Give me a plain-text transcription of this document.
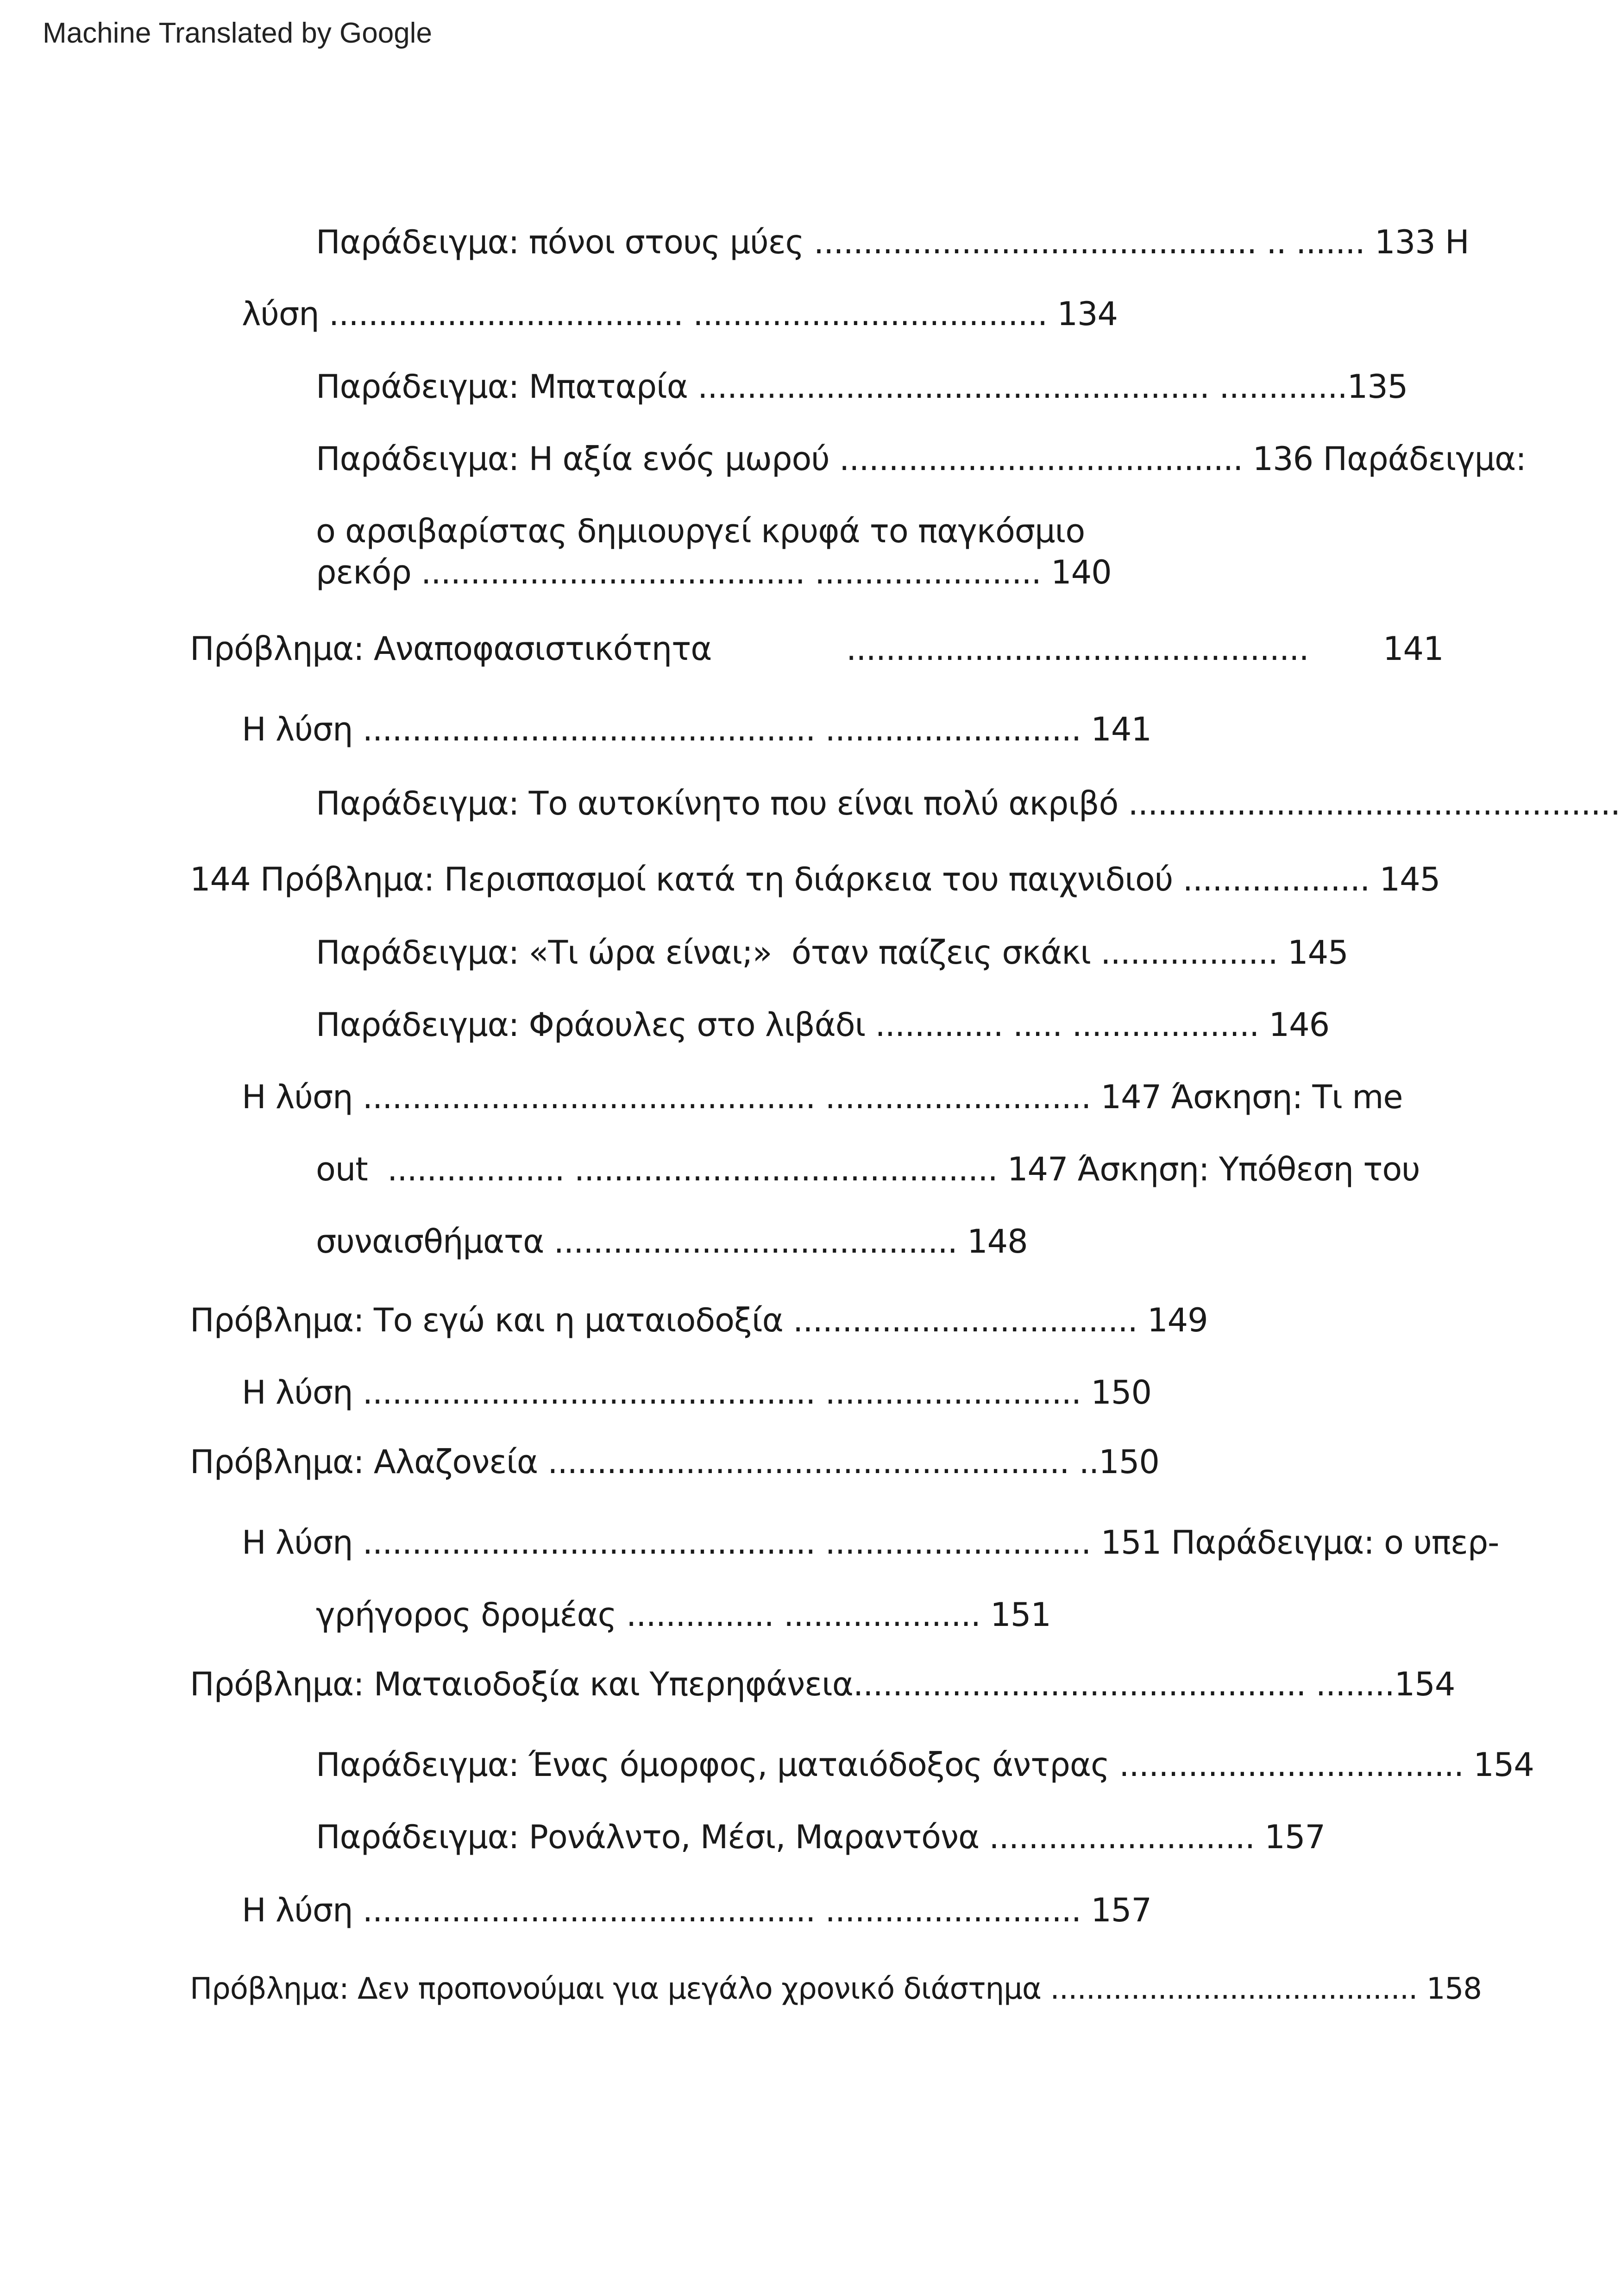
Machine Translated by Google
Παράδειγμα: πόνοι στους μύες ............................................. .. ....... 133 Η
λύση .................................... .................................... 134
Παράδειγμα: Μπαταρία .................................................... .............135
Παράδειγμα: Η αξία ενός μωρού ......................................... 136 Παράδειγμα:
ο αρσιβαρίστας δημιουργεί κρυφά το παγκόσμιο
ρεκόρ ....................................... ....................... 140
Πρόβλημα: Αναποφασιστικότητα	............................................... 141
Η λύση .............................................. .......................... 141
Παράδειγμα: Το αυτοκίνητο που είναι πολύ ακριβό ..................................................
144 Πρόβλημα: Περισπασμοί κατά τη διάρκεια του παιχνιδιού ................... 145
Παράδειγμα: «Τι ώρα είναι;»  όταν παίζεις σκάκι .................. 145
Παράδειγμα: Φράουλες στο λιβάδι ............. ..... ................... 146
Η λύση .............................................. ........................... 147 Άσκηση: Τι me
out  .................. ........................................... 147 Άσκηση: Υπόθεση του
συναισθήματα ......................................... 148
Πρόβλημα: Το εγώ και η ματαιοδοξία ................................... 149
Η λύση .............................................. .......................... 150
Πρόβλημα: Αλαζονεία ..................................................... ..150
Η λύση .............................................. ........................... 151 Παράδειγμα: ο υπερ-
γρήγορος δρομέας ............... .................... 151
Πρόβλημα: Ματαιοδοξία και Υπερηφάνεια.............................................. ........154
Παράδειγμα: Ένας όμορφος, ματαιόδοξος άντρας ................................... 154
Παράδειγμα: Ρονάλντο, Μέσι, Μαραντόνα ........................... 157
Η λύση .............................................. .......................... 157
Πρόβλημα: Δεν προπονούμαι για μεγάλο χρονικό διάστημα ......................................... 158
